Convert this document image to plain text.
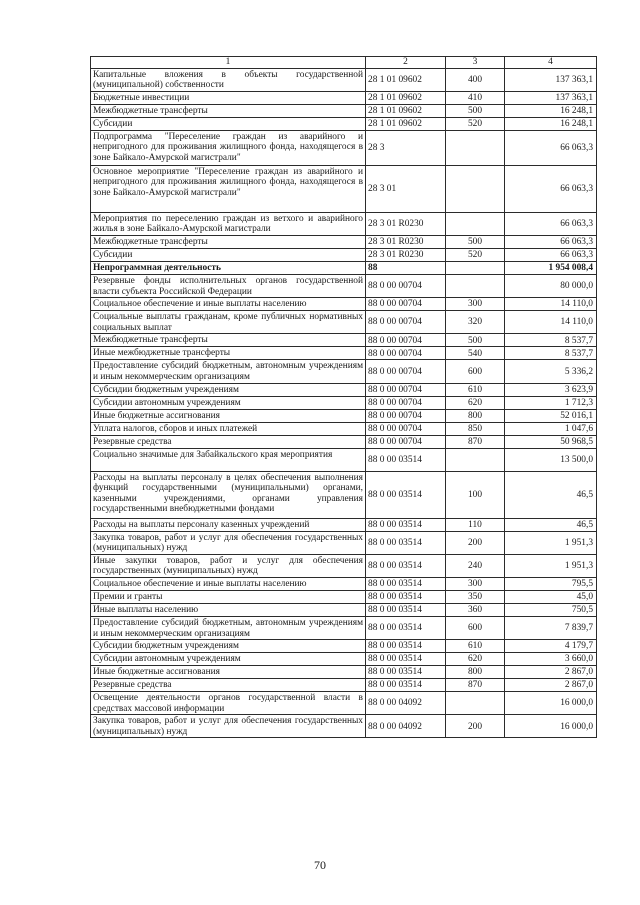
1	2	3	4
Капитальные вложения в объекты государственной (муниципальной) собственности	28 1 01 09602	400	137 363,1
Бюджетные инвестиции	28 1 01 09602	410	137 363,1
Межбюджетные трансферты	28 1 01 09602	500	16 248,1
Субсидии	28 1 01 09602	520	16 248,1
Подпрограмма "Переселение граждан из аварийного и непригодного для проживания жилищного фонда, находящегося в зоне Байкало-Амурской магистрали"	28 3		66 063,3
Основное мероприятие "Переселение граждан из аварийного и непригодного для проживания жилищного фонда, находящегося в зоне Байкало-Амурской магистрали"	28 3 01		66 063,3
Мероприятия по переселению граждан из ветхого и аварийного жилья в зоне Байкало-Амурской магистрали	28 3 01 R0230		66 063,3
Межбюджетные трансферты	28 3 01 R0230	500	66 063,3
Субсидии	28 3 01 R0230	520	66 063,3
Непрограммная деятельность	88		1 954 008,4
Резервные фонды исполнительных органов государственной власти субъекта Российской Федерации	88 0 00 00704		80 000,0
Социальное обеспечение и иные выплаты населению	88 0 00 00704	300	14 110,0
Социальные выплаты гражданам, кроме публичных нормативных социальных выплат	88 0 00 00704	320	14 110,0
Межбюджетные трансферты	88 0 00 00704	500	8 537,7
Иные межбюджетные трансферты	88 0 00 00704	540	8 537,7
Предоставление субсидий бюджетным, автономным учреждениям и иным некоммерческим организациям	88 0 00 00704	600	5 336,2
Субсидии бюджетным учреждениям	88 0 00 00704	610	3 623,9
Субсидии автономным учреждениям	88 0 00 00704	620	1 712,3
Иные бюджетные ассигнования	88 0 00 00704	800	52 016,1
Уплата налогов, сборов и иных платежей	88 0 00 00704	850	1 047,6
Резервные средства	88 0 00 00704	870	50 968,5
Социально значимые для Забайкальского края мероприятия	88 0 00 03514		13 500,0
Расходы на выплаты персоналу в целях обеспечения выполнения функций государственными (муниципальными) органами, казенными учреждениями, органами управления государственными внебюджетными фондами	88 0 00 03514	100	46,5
Расходы на выплаты персоналу казенных учреждений	88 0 00 03514	110	46,5
Закупка товаров, работ и услуг для обеспечения государственных (муниципальных) нужд	88 0 00 03514	200	1 951,3
Иные закупки товаров, работ и услуг для обеспечения государственных (муниципальных) нужд	88 0 00 03514	240	1 951,3
Социальное обеспечение и иные выплаты населению	88 0 00 03514	300	795,5
Премии и гранты	88 0 00 03514	350	45,0
Иные выплаты населению	88 0 00 03514	360	750,5
Предоставление субсидий бюджетным, автономным учреждениям и иным некоммерческим организациям	88 0 00 03514	600	7 839,7
Субсидии бюджетным учреждениям	88 0 00 03514	610	4 179,7
Субсидии автономным учреждениям	88 0 00 03514	620	3 660,0
Иные бюджетные ассигнования	88 0 00 03514	800	2 867,0
Резервные средства	88 0 00 03514	870	2 867,0
Освещение деятельности органов государственной власти в средствах массовой информации	88 0 00 04092		16 000,0
Закупка товаров, работ и услуг для обеспечения государственных (муниципальных) нужд	88 0 00 04092	200	16 000,0
70
